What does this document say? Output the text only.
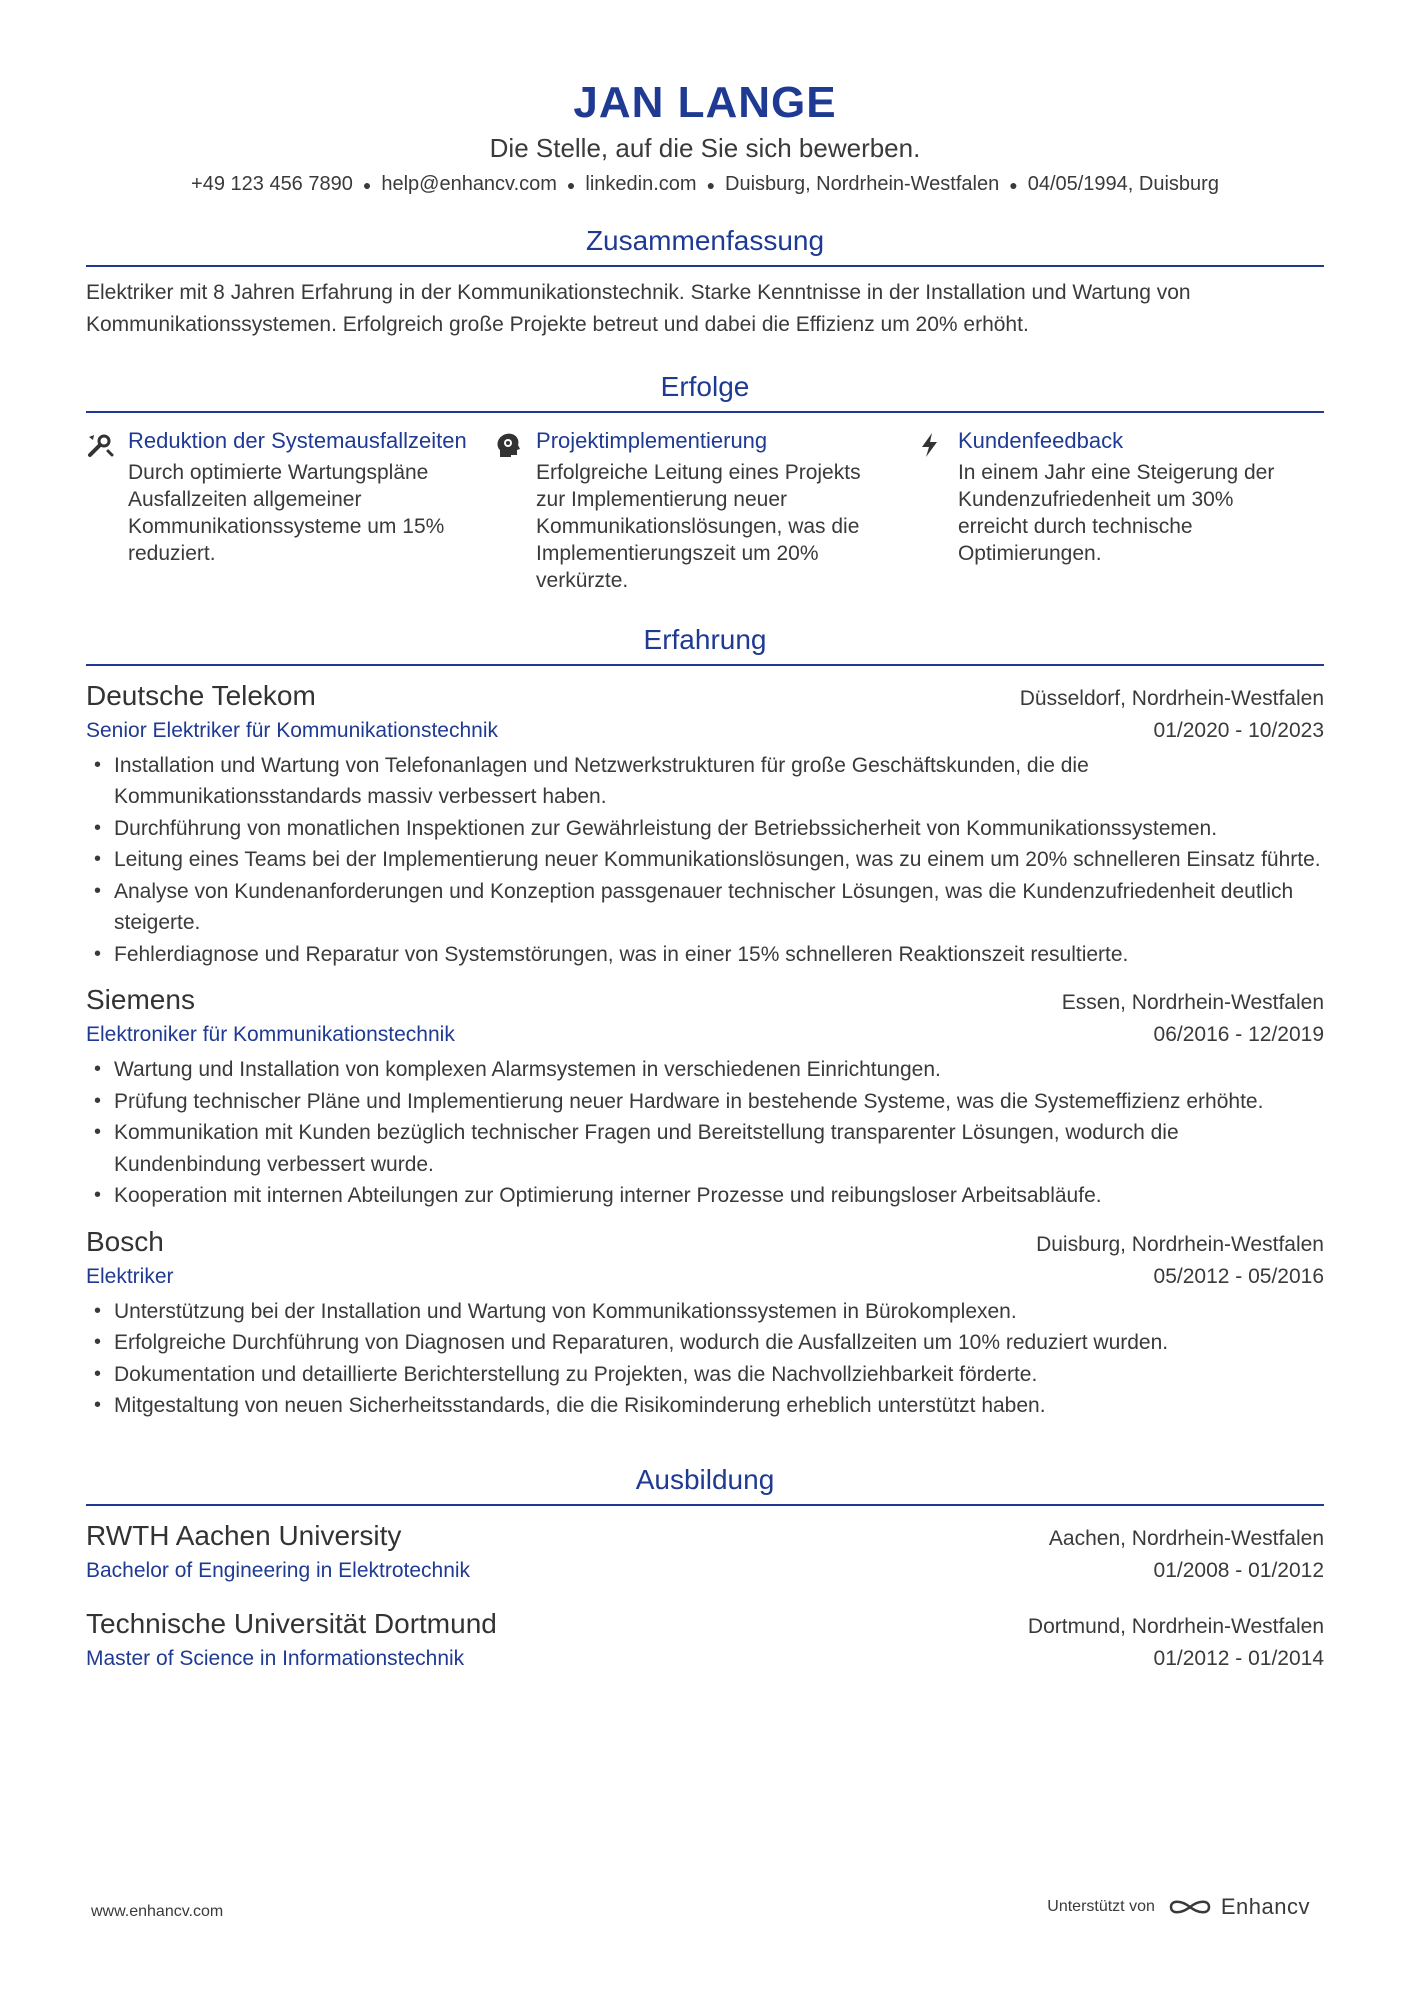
JAN LANGE
Die Stelle, auf die Sie sich bewerben.
+49 123 456 7890 ● help@enhancv.com ● linkedin.com ● Duisburg, Nordrhein-Westfalen ● 04/05/1994, Duisburg
Zusammenfassung
Elektriker mit 8 Jahren Erfahrung in der Kommunikationstechnik. Starke Kenntnisse in der Installation und Wartung von Kommunikationssystemen. Erfolgreich große Projekte betreut und dabei die Effizienz um 20% erhöht.
Erfolge
Reduktion der Systemausfallzeiten
Durch optimierte Wartungspläne Ausfallzeiten allgemeiner Kommunikationssysteme um 15% reduziert.
Projektimplementierung
Erfolgreiche Leitung eines Projekts zur Implementierung neuer Kommunikationslösungen, was die Implementierungszeit um 20% verkürzte.
Kundenfeedback
In einem Jahr eine Steigerung der Kundenzufriedenheit um 30% erreicht durch technische Optimierungen.
Erfahrung
Deutsche Telekom	Düsseldorf, Nordrhein-Westfalen
Senior Elektriker für Kommunikationstechnik	01/2020 - 10/2023
• Installation und Wartung von Telefonanlagen und Netzwerkstrukturen für große Geschäftskunden, die die Kommunikationsstandards massiv verbessert haben.
• Durchführung von monatlichen Inspektionen zur Gewährleistung der Betriebssicherheit von Kommunikationssystemen.
• Leitung eines Teams bei der Implementierung neuer Kommunikationslösungen, was zu einem um 20% schnelleren Einsatz führte.
• Analyse von Kundenanforderungen und Konzeption passgenauer technischer Lösungen, was die Kundenzufriedenheit deutlich steigerte.
• Fehlerdiagnose und Reparatur von Systemstörungen, was in einer 15% schnelleren Reaktionszeit resultierte.
Siemens	Essen, Nordrhein-Westfalen
Elektroniker für Kommunikationstechnik	06/2016 - 12/2019
• Wartung und Installation von komplexen Alarmsystemen in verschiedenen Einrichtungen.
• Prüfung technischer Pläne und Implementierung neuer Hardware in bestehende Systeme, was die Systemeffizienz erhöhte.
• Kommunikation mit Kunden bezüglich technischer Fragen und Bereitstellung transparenter Lösungen, wodurch die Kundenbindung verbessert wurde.
• Kooperation mit internen Abteilungen zur Optimierung interner Prozesse und reibungsloser Arbeitsabläufe.
Bosch	Duisburg, Nordrhein-Westfalen
Elektriker	05/2012 - 05/2016
• Unterstützung bei der Installation und Wartung von Kommunikationssystemen in Bürokomplexen.
• Erfolgreiche Durchführung von Diagnosen und Reparaturen, wodurch die Ausfallzeiten um 10% reduziert wurden.
• Dokumentation und detaillierte Berichterstellung zu Projekten, was die Nachvollziehbarkeit förderte.
• Mitgestaltung von neuen Sicherheitsstandards, die die Risikominderung erheblich unterstützt haben.
Ausbildung
RWTH Aachen University	Aachen, Nordrhein-Westfalen
Bachelor of Engineering in Elektrotechnik	01/2008 - 01/2012
Technische Universität Dortmund	Dortmund, Nordrhein-Westfalen
Master of Science in Informationstechnik	01/2012 - 01/2014
www.enhancv.com	Unterstützt von	Enhancv
